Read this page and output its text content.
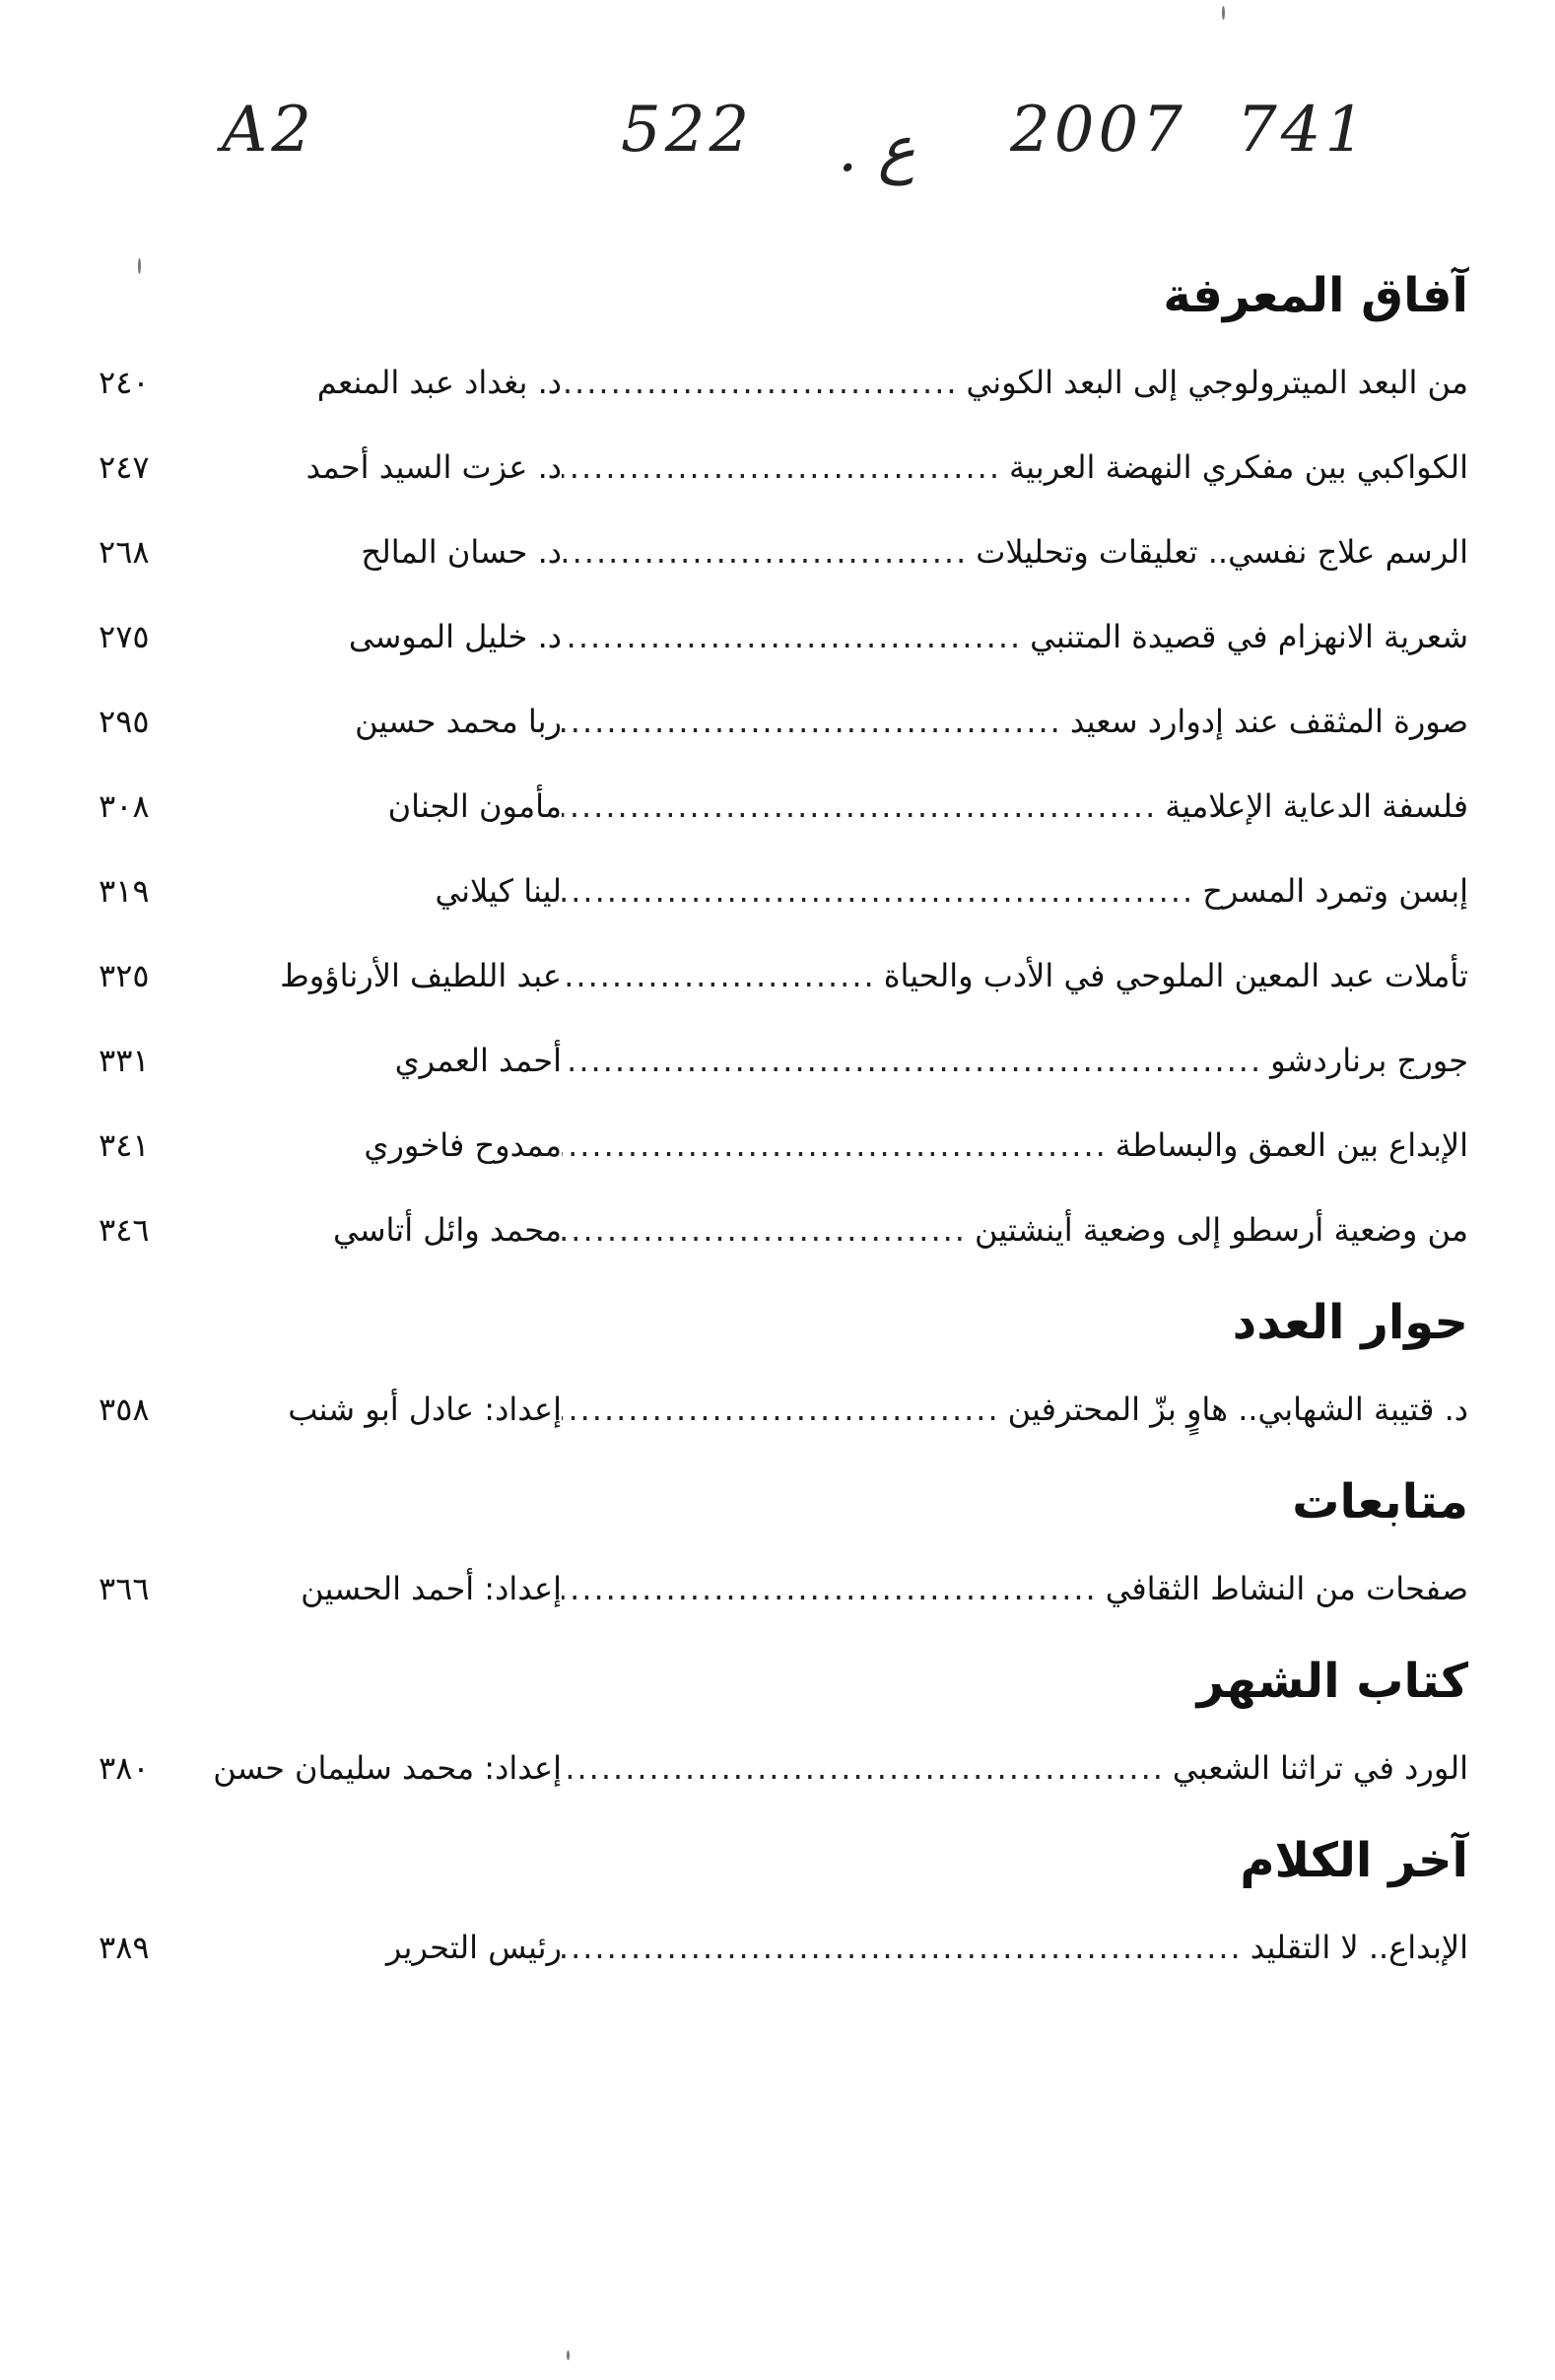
A2	522 . ع 2007 741
آفاق المعرفة
٢٤٠	د. بغداد عبد المنعم	من البعد الميترولوجي إلى البعد الكوني
.....
٢٤٧	د. عزت السيد أحمد	الكواكبي بين مفكري النهضة العربية
.....
٢٦٨	د. حسان المالح	الرسم علاج نفسي.. تعليقات وتحليلات
.....
٢٧٥	د. خليل الموسى	شعرية الانهزام في قصيدة المتنبي
.....
٢٩٥	ربا محمد حسين	صورة المثقف عند إدوارد سعيد
.....
٣٠٨	مأمون الجنان	فلسفة الدعاية الإعلامية
.....
٣١٩	لينا كيلاني	إبسن وتمرد المسرح
.....
٣٢٥	عبد اللطيف الأرناؤوط	تأملات عبد المعين الملوحي في الأدب والحياة
.....
٣٣١	أحمد العمري	جورج برناردشو
.....
٣٤١	ممدوح فاخوري	الإبداع بين العمق والبساطة
.....
٣٤٦	محمد وائل أتاسي	من وضعية أرسطو إلى وضعية أينشتين
.....
حوار العدد
٣٥٨	إعداد: عادل أبو شنب	د. قتيبة الشهابي.. هاوٍ بزّ المحترفين
.....
متابعات
٣٦٦	إعداد: أحمد الحسين	صفحات من النشاط الثقافي
.....
كتاب الشهر
٣٨٠	إعداد: محمد سليمان حسن	الورد في تراثنا الشعبي
.....
آخر الكلام
٣٨٩	رئيس التحرير	الإبداع.. لا التقليد
.....
